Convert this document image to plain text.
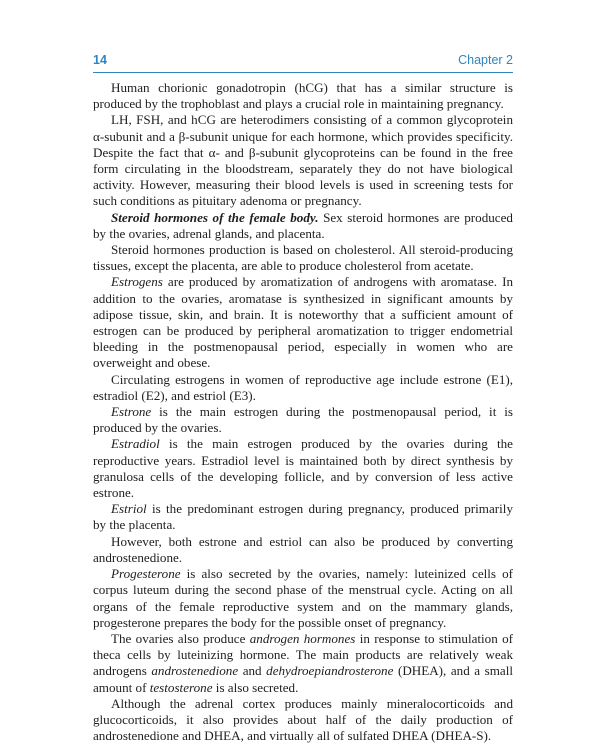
14	Chapter 2

Human chorionic gonadotropin (hCG) that has a similar structure is produced by the trophoblast and plays a crucial role in maintaining pregnancy.

LH, FSH, and hCG are heterodimers consisting of a common glycoprotein α-subunit and a β-subunit unique for each hormone, which provides specificity. Despite the fact that α- and β-subunit glycoproteins can be found in the free form circulating in the bloodstream, separately they do not have biological activity. However, measuring their blood levels is used in screening tests for such conditions as pituitary adenoma or pregnancy.

Steroid hormones of the female body. Sex steroid hormones are produced by the ovaries, adrenal glands, and placenta.

Steroid hormones production is based on cholesterol. All steroid-producing tissues, except the placenta, are able to produce cholesterol from acetate.

Estrogens are produced by aromatization of androgens with aromatase. In addition to the ovaries, aromatase is synthesized in significant amounts by adipose tissue, skin, and brain. It is noteworthy that a sufficient amount of estrogen can be produced by peripheral aromatization to trigger endometrial bleeding in the postmenopausal period, especially in women who are overweight and obese.

Circulating estrogens in women of reproductive age include estrone (E1), estradiol (E2), and estriol (E3).

Estrone is the main estrogen during the postmenopausal period, it is produced by the ovaries.

Estradiol is the main estrogen produced by the ovaries during the reproductive years. Estradiol level is maintained both by direct synthesis by granulosa cells of the developing follicle, and by conversion of less active estrone.

Estriol is the predominant estrogen during pregnancy, produced primarily by the placenta.

However, both estrone and estriol can also be produced by converting androstenedione.

Progesterone is also secreted by the ovaries, namely: luteinized cells of corpus luteum during the second phase of the menstrual cycle. Acting on all organs of the female reproductive system and on the mammary glands, progesterone prepares the body for the possible onset of pregnancy.

The ovaries also produce androgen hormones in response to stimulation of theca cells by luteinizing hormone. The main products are relatively weak androgens androstenedione and dehydroepiandrosterone (DHEA), and a small amount of testosterone is also secreted.

Although the adrenal cortex produces mainly mineralocorticoids and glucocorticoids, it also provides about half of the daily production of androstenedione and DHEA, and virtually all of sulfated DHEA (DHEA-S).
